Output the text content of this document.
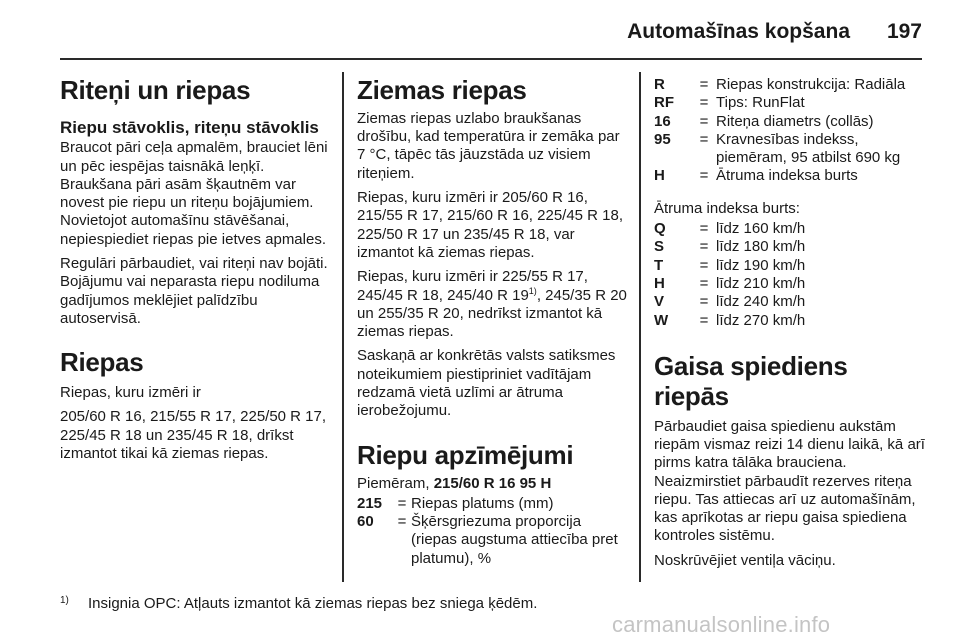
Automašīnas kopšana	197
Riteņi un riepas
Riepu stāvoklis, riteņu stāvoklis

Braucot pāri ceļa apmalēm, brauciet lēni un pēc iespējas taisnākā leņķī. Braukšana pāri asām šķautnēm var novest pie riepu un riteņu bojājumiem. Novietojot automašīnu stāvēšanai, nepiespiediet riepas pie ietves apmales.

Regulāri pārbaudiet, vai riteņi nav bojāti. Bojājumu vai neparasta riepu nodiluma gadījumos meklējiet palīdzību autoservisā.

Riepas

Riepas, kuru izmēri ir

205/60 R 16, 215/55 R 17, 225/50 R 17, 225/45 R 18 un 235/45 R 18, drīkst izmantot tikai kā ziemas riepas.

Ziemas riepas

Ziemas riepas uzlabo braukšanas drošību, kad temperatūra ir zemāka par 7 °C, tāpēc tās jāuzstāda uz visiem riteņiem.

Riepas, kuru izmēri ir 205/60 R 16, 215/55 R 17, 215/60 R 16, 225/45 R 18, 225/50 R 17 un 235/45 R 18, var izmantot kā ziemas riepas.

Riepas, kuru izmēri ir 225/55 R 17, 245/45 R 18, 245/40 R 19$^{1)}$, 245/35 R 20 un 255/35 R 20, nedrīkst izmantot kā ziemas riepas.

Saskaņā ar konkrētās valsts satiksmes noteikumiem piestipriniet vadītājam redzamā vietā uzlīmi ar ātruma ierobežojumu.

Riepu apzīmējumi

Piemēram, 215/60 R 16 95 H

215	= Riepas platums (mm)
60	= Šķērsgriezuma proporcija (riepas augstuma attiecība pret platumu), %
R	= Riepas konstrukcija: Radiāla
RF	= Tips: RunFlat
16	= Riteņa diametrs (collās)
95	= Kravnesības indekss, piemēram, 95 atbilst 690 kg
H	= Ātruma indeksa burts

Ātruma indeksa burts:

Q	= līdz 160 km/h
S	= līdz 180 km/h
T	= līdz 190 km/h
H	= līdz 210 km/h
V	= līdz 240 km/h
W	= līdz 270 km/h
Gaisa spiediens riepās

Pārbaudiet gaisa spiedienu aukstām riepām vismaz reizi 14 dienu laikā, kā arī pirms katra tālāka brauciena. Neaizmirstiet pārbaudīt rezerves riteņa riepu. Tas attiecas arī uz automašīnām, kas aprīkotas ar riepu gaisa spiediena kontroles sistēmu.

Noskrūvējiet ventiļa vāciņu.

1) Insignia OPC: Atļauts izmantot kā ziemas riepas bez sniega ķēdēm.
carmanualsonline.info
